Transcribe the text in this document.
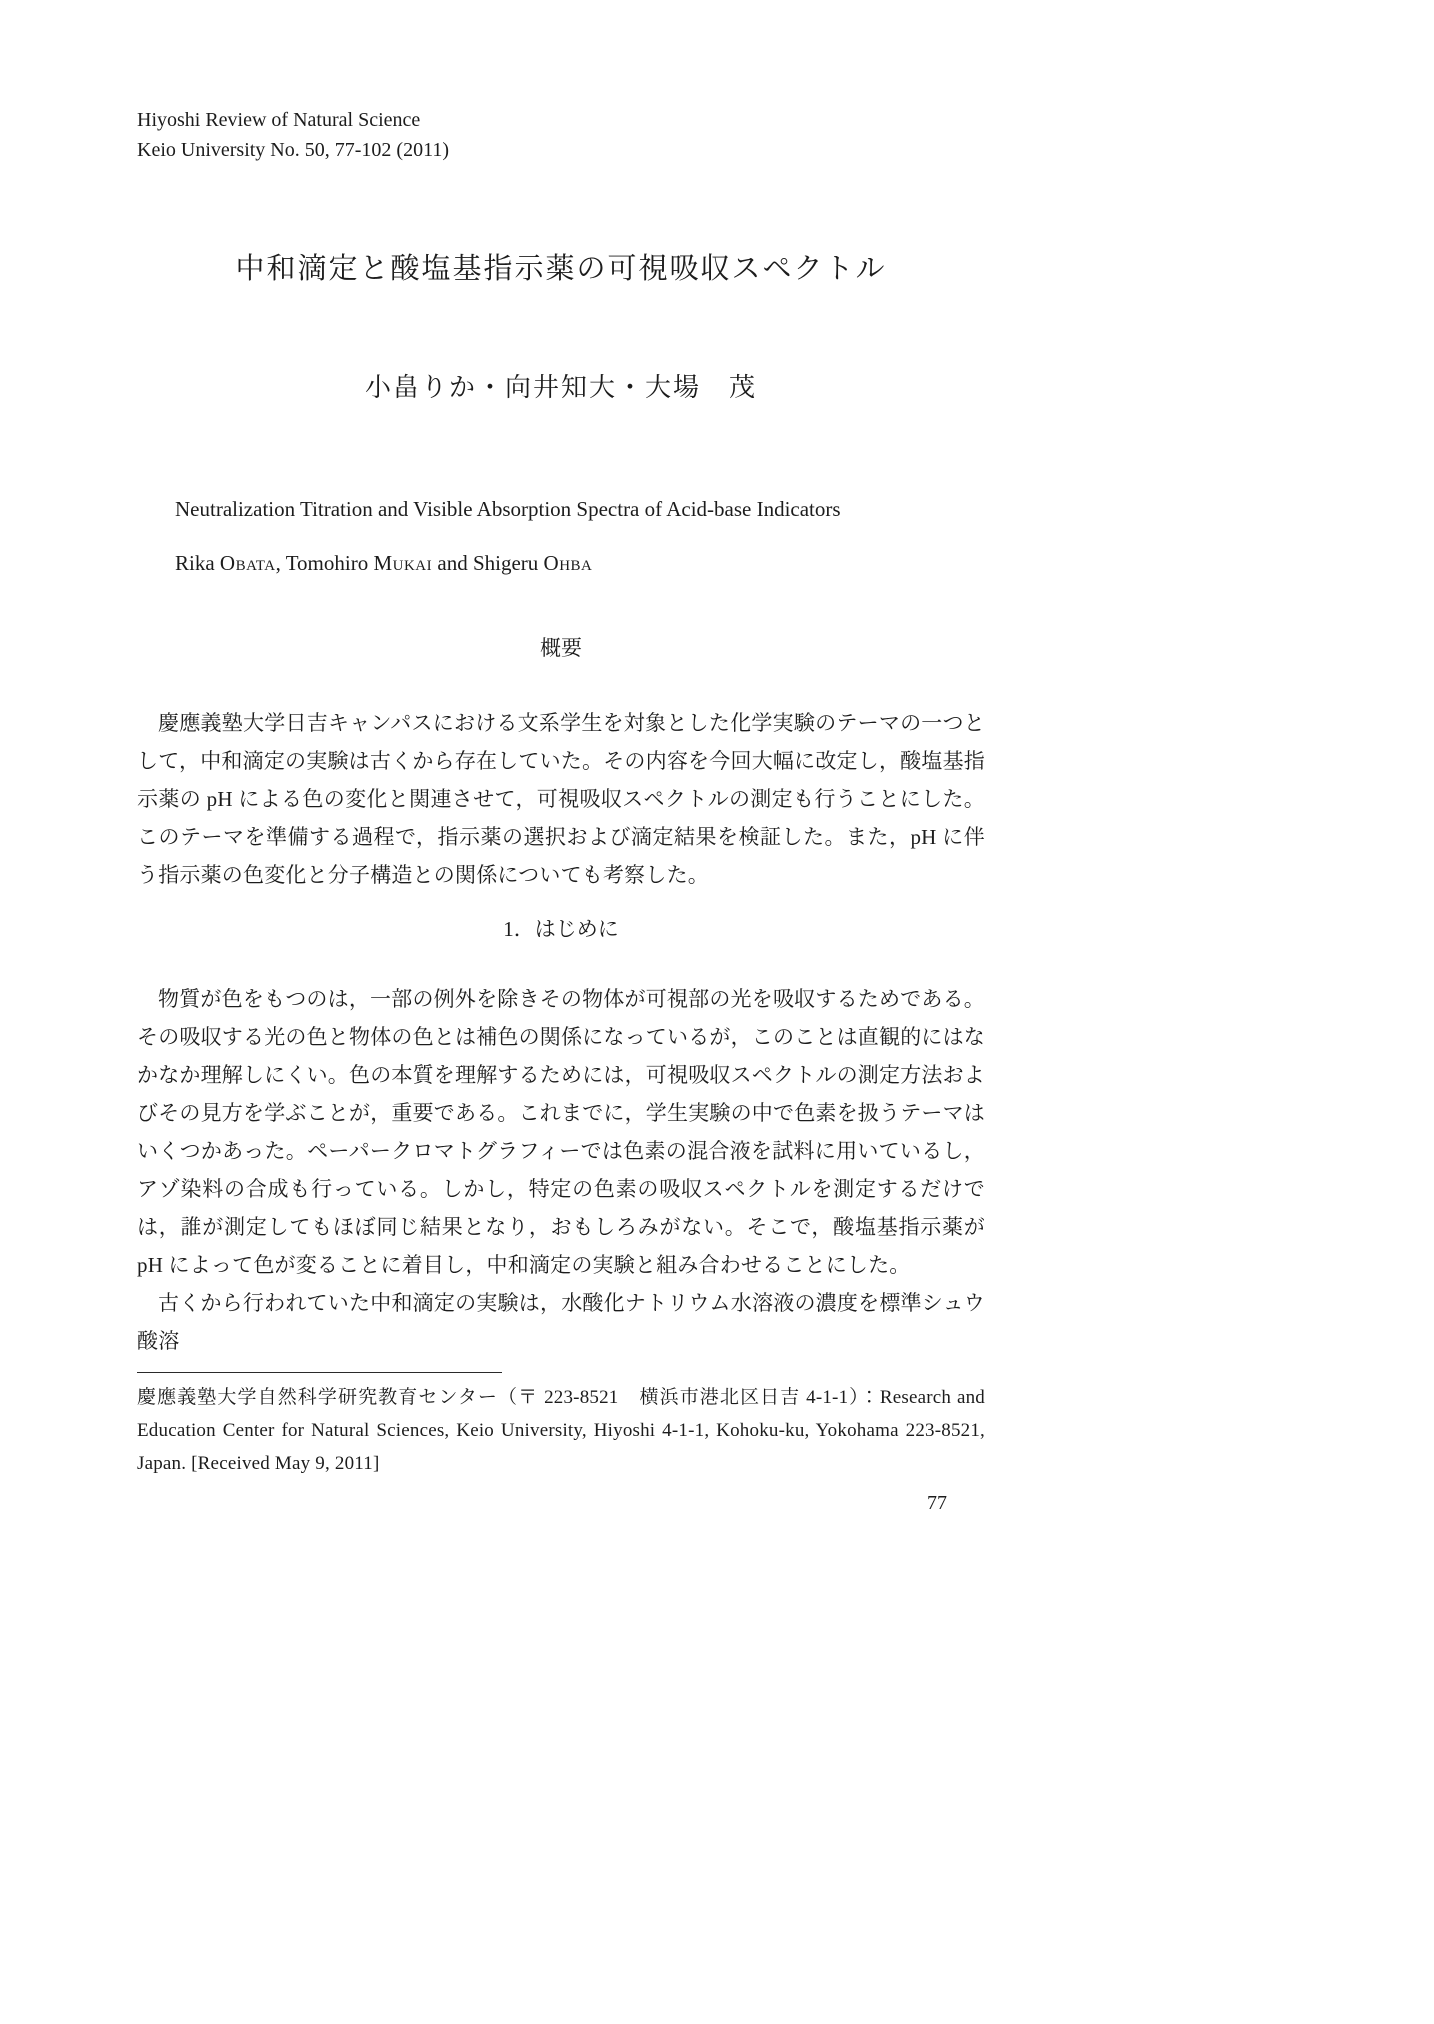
Hiyoshi Review of Natural Science
Keio University No. 50, 77-102 (2011)
中和滴定と酸塩基指示薬の可視吸収スペクトル
小畠りか・向井知大・大場　茂
Neutralization Titration and Visible Absorption Spectra of Acid-base Indicators
Rika Obata, Tomohiro Mukai and Shigeru Ohba
概要

慶應義塾大学日吉キャンパスにおける文系学生を対象とした化学実験のテーマの一つとして，中和滴定の実験は古くから存在していた。その内容を今回大幅に改定し，酸塩基指示薬の pH による色の変化と関連させて，可視吸収スペクトルの測定も行うことにした。このテーマを準備する過程で，指示薬の選択および滴定結果を検証した。また，pH に伴う指示薬の色変化と分子構造との関係についても考察した。

1．はじめに

物質が色をもつのは，一部の例外を除きその物体が可視部の光を吸収するためである。その吸収する光の色と物体の色とは補色の関係になっているが，このことは直観的にはなかなか理解しにくい。色の本質を理解するためには，可視吸収スペクトルの測定方法およびその見方を学ぶことが，重要である。これまでに，学生実験の中で色素を扱うテーマはいくつかあった。ペーパークロマトグラフィーでは色素の混合液を試料に用いているし，アゾ染料の合成も行っている。しかし，特定の色素の吸収スペクトルを測定するだけでは，誰が測定してもほぼ同じ結果となり，おもしろみがない。そこで，酸塩基指示薬が pH によって色が変ることに着目し，中和滴定の実験と組み合わせることにした。

古くから行われていた中和滴定の実験は，水酸化ナトリウム水溶液の濃度を標準シュウ酸溶

慶應義塾大学自然科学研究教育センター（〒 223-8521　横浜市港北区日吉 4-1-1）：Research and Education Center for Natural Sciences, Keio University, Hiyoshi 4-1-1, Kohoku-ku, Yokohama 223-8521, Japan. [Received May 9, 2011]

77
